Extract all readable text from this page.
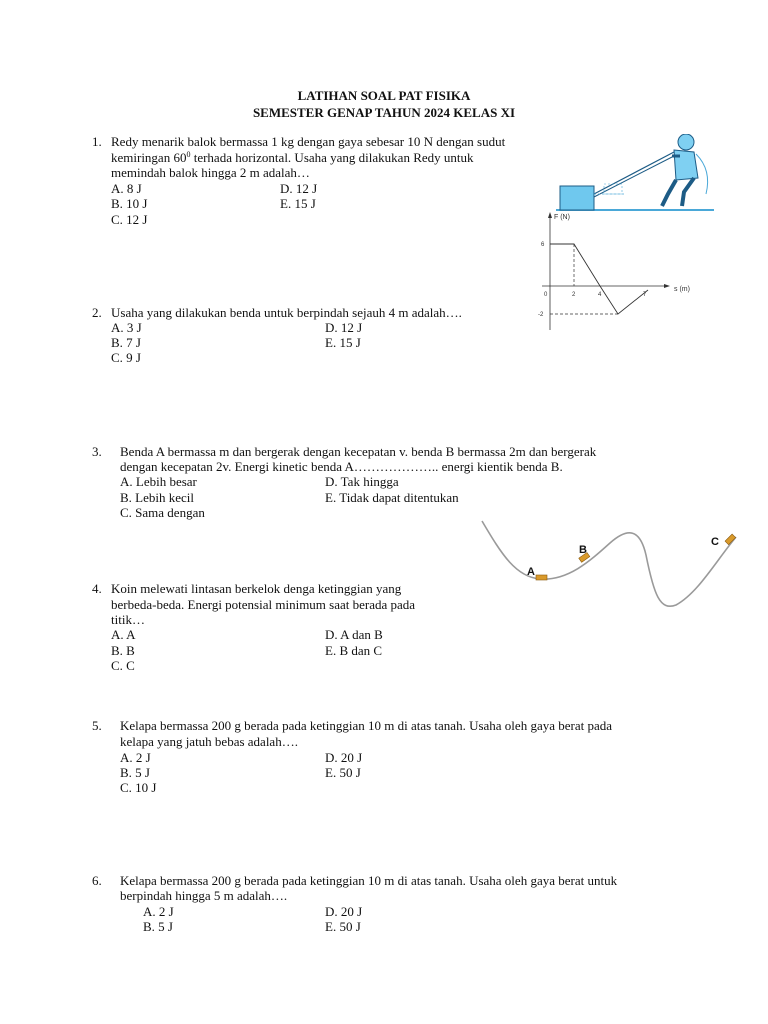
LATIHAN SOAL PAT FISIKA
SEMESTER GENAP TAHUN 2024 KELAS XI
1. Redy menarik balok bermassa 1 kg dengan gaya sebesar 10 N dengan sudut
kemiringan $60^0$ terhada horizontal. Usaha yang dilakukan Redy untuk
memindah balok hingga 2 m adalah…
A. 8 J
B. 10 J
C. 12 J
D. 12 J
E. 15 J
F (N)
s (m)
6
-2
0	2	4	7
2. Usaha yang dilakukan benda untuk berpindah sejauh 4 m adalah….
A. 3 J
B. 7 J
C. 9 J
D. 12 J
E. 15 J
3. Benda A bermassa m dan bergerak dengan kecepatan v. benda B bermassa 2m dan bergerak
dengan kecepatan 2v. Energi kinetic benda A……………….. energi kientik benda B.
A. Lebih besar
B. Lebih kecil
C. Sama dengan
D. Tak hingga
E. Tidak dapat ditentukan
A
B
C
4. Koin melewati lintasan berkelok denga ketinggian yang
berbeda-beda. Energi potensial minimum saat berada pada
titik…
A. A
B. B
C. C
D. A dan B
E. B dan C
5. Kelapa bermassa 200 g berada pada ketinggian 10 m di atas tanah. Usaha oleh gaya berat pada
kelapa yang jatuh bebas adalah….
A. 2 J
B. 5 J
C. 10 J
D. 20 J
E. 50 J
6. Kelapa bermassa 200 g berada pada ketinggian 10 m di atas tanah. Usaha oleh gaya berat untuk
berpindah hingga 5 m adalah….
A. 2 J
B. 5 J
D. 20 J
E. 50 J
